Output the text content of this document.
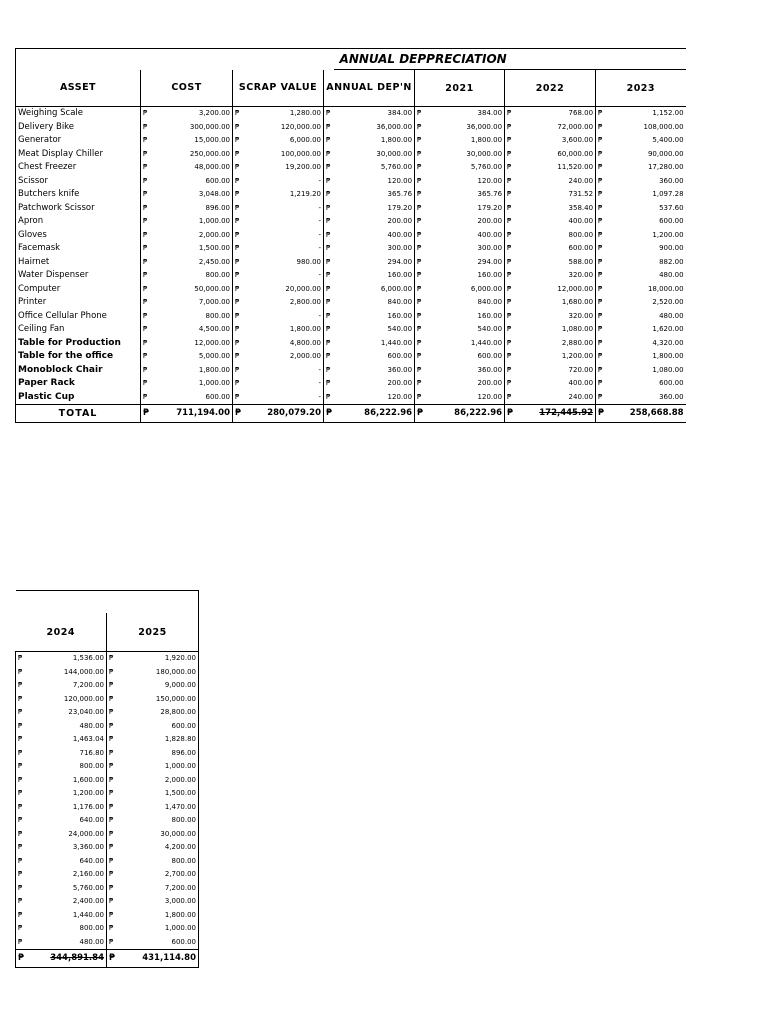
						ANNUAL DEPPRECIATION						
ASSET	COST		SCRAP VALUE		ANNUAL DEP'N		2021		2022		2023	
Weighing Scale	₱	3,200.00	₱	1,280.00	₱	384.00	₱	384.00	₱	768.00	₱	1,152.00
Delivery Bike	₱	300,000.00	₱	120,000.00	₱	36,000.00	₱	36,000.00	₱	72,000.00	₱	108,000.00
Generator	₱	15,000.00	₱	6,000.00	₱	1,800.00	₱	1,800.00	₱	3,600.00	₱	5,400.00
Meat Display Chiller	₱	250,000.00	₱	100,000.00	₱	30,000.00	₱	30,000.00	₱	60,000.00	₱	90,000.00
Chest Freezer	₱	48,000.00	₱	19,200.00	₱	5,760.00	₱	5,760.00	₱	11,520.00	₱	17,280.00
Scissor	₱	600.00	₱	-	₱	120.00	₱	120.00	₱	240.00	₱	360.00
Butchers knife	₱	3,048.00	₱	1,219.20	₱	365.76	₱	365.76	₱	731.52	₱	1,097.28
Patchwork Scissor	₱	896.00	₱	-	₱	179.20	₱	179.20	₱	358.40	₱	537.60
Apron	₱	1,000.00	₱	-	₱	200.00	₱	200.00	₱	400.00	₱	600.00
Gloves	₱	2,000.00	₱	-	₱	400.00	₱	400.00	₱	800.00	₱	1,200.00
Facemask	₱	1,500.00	₱	-	₱	300.00	₱	300.00	₱	600.00	₱	900.00
Hairnet	₱	2,450.00	₱	980.00	₱	294.00	₱	294.00	₱	588.00	₱	882.00
Water Dispenser	₱	800.00	₱	-	₱	160.00	₱	160.00	₱	320.00	₱	480.00
Computer	₱	50,000.00	₱	20,000.00	₱	6,000.00	₱	6,000.00	₱	12,000.00	₱	18,000.00
Printer	₱	7,000.00	₱	2,800.00	₱	840.00	₱	840.00	₱	1,680.00	₱	2,520.00
Office Cellular Phone	₱	800.00	₱	-	₱	160.00	₱	160.00	₱	320.00	₱	480.00
Ceiling Fan	₱	4,500.00	₱	1,800.00	₱	540.00	₱	540.00	₱	1,080.00	₱	1,620.00
Table for Production	₱	12,000.00	₱	4,800.00	₱	1,440.00	₱	1,440.00	₱	2,880.00	₱	4,320.00
Table for the office	₱	5,000.00	₱	2,000.00	₱	600.00	₱	600.00	₱	1,200.00	₱	1,800.00
Monoblock Chair	₱	1,800.00	₱	-	₱	360.00	₱	360.00	₱	720.00	₱	1,080.00
Paper Rack	₱	1,000.00	₱	-	₱	200.00	₱	200.00	₱	400.00	₱	600.00
Plastic Cup	₱	600.00	₱	-	₱	120.00	₱	120.00	₱	240.00	₱	360.00
TOTAL	₱	711,194.00	₱	280,079.20	₱	86,222.96	₱	86,222.96	₱	172,445.92	₱	258,668.88

2024		2025	
₱	1,536.00	₱	1,920.00
₱	144,000.00	₱	180,000.00
₱	7,200.00	₱	9,000.00
₱	120,000.00	₱	150,000.00
₱	23,040.00	₱	28,800.00
₱	480.00	₱	600.00
₱	1,463.04	₱	1,828.80
₱	716.80	₱	896.00
₱	800.00	₱	1,000.00
₱	1,600.00	₱	2,000.00
₱	1,200.00	₱	1,500.00
₱	1,176.00	₱	1,470.00
₱	640.00	₱	800.00
₱	24,000.00	₱	30,000.00
₱	3,360.00	₱	4,200.00
₱	640.00	₱	800.00
₱	2,160.00	₱	2,700.00
₱	5,760.00	₱	7,200.00
₱	2,400.00	₱	3,000.00
₱	1,440.00	₱	1,800.00
₱	800.00	₱	1,000.00
₱	480.00	₱	600.00
₱	344,891.84	₱	431,114.80
